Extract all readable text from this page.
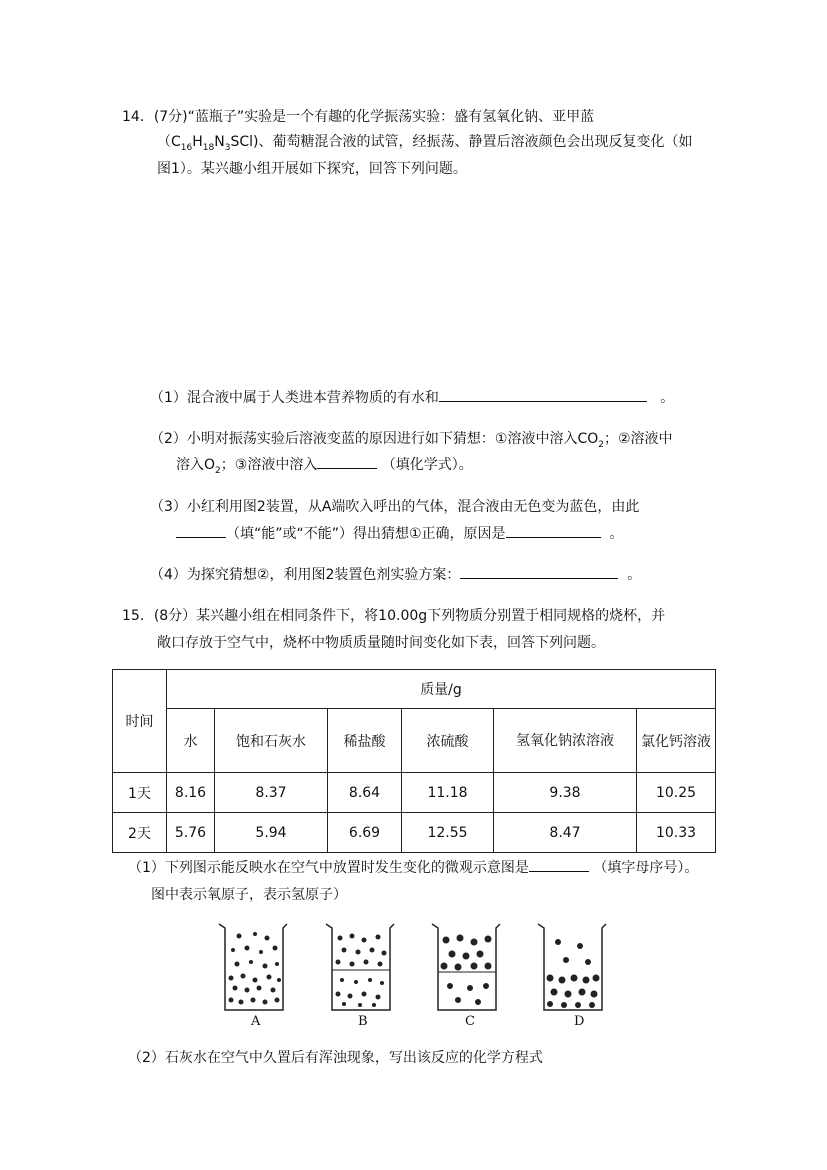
14．(7分)“蓝瓶子”实验是一个有趣的化学振荡实验：盛有氢氧化钠、亚甲蓝
$(C_{16}H_{18}N_3SCl)$、葡萄糖混合液的试管，经振荡、静置后溶液颜色会出现反复变化（如
图1）。某兴趣小组开展如下探究，回答下列问题。
（1）混合液中属于人类进本营养物质的有水和	。
（2）小明对振荡实验后溶液变蓝的原因进行如下猜想：①溶液中溶入$CO_2$；②溶液中
溶入$O_2$；③溶液中溶入	（填化学式）。
（3）小红利用图2装置，从A端吹入呼出的气体，混合液由无色变为蓝色，由此
（填“能”或“不能”）得出猜想①正确，原因是	。
（4）为探究猜想②，利用图2装置色剂实验方案：	。
15．(8分）某兴趣小组在相同条件下，将10.00g下列物质分别置于相同规格的烧杯，并
敞口存放于空气中，烧杯中物质质量随时间变化如下表，回答下列问题。
时间	质量/g					
	水	饱和石灰水	稀盐酸	浓硫酸	氢氧化钠浓溶液	氯化钙溶液
1天	8.16	8.37	8.64	11.18	9.38	10.25
2天	5.76	5.94	6.69	12.55	8.47	10.33
（1）下列图示能反映水在空气中放置时发生变化的微观示意图是	（填字母序号）。
图中表示氧原子，表示氢原子）
A	B	C	D
（2）石灰水在空气中久置后有浑浊现象，写出该反应的化学方程式
